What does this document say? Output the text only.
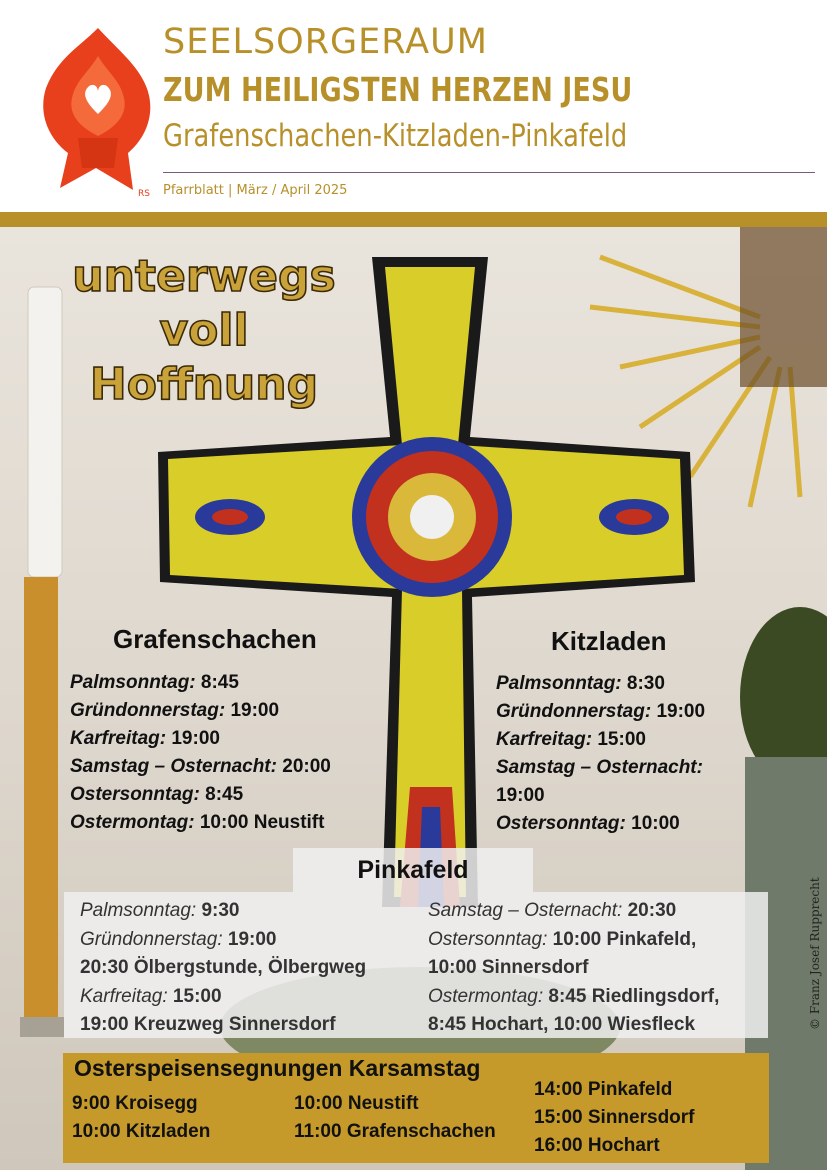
RS
SEELSORGERAUM
ZUM HEILIGSTEN HERZEN JESU
Grafenschachen-Kitzladen-Pinkafeld
Pfarrblatt | März / April 2025
© Franz Josef Rupprecht
unterwegs
voll
Hoffnung
Grafenschachen
Palmsonntag: 8:45
Gründonnerstag: 19:00
Karfreitag: 19:00
Samstag – Osternacht: 20:00
Ostersonntag: 8:45
Ostermontag: 10:00 Neustift
Kitzladen
Palmsonntag: 8:30
Gründonnerstag: 19:00
Karfreitag: 15:00
Samstag – Osternacht:
19:00
Ostersonntag: 10:00
Pinkafeld
Palmsonntag: 9:30
Gründonnerstag: 19:00
20:30 Ölbergstunde, Ölbergweg
Karfreitag: 15:00
19:00 Kreuzweg Sinnersdorf
Samstag – Osternacht: 20:30
Ostersonntag: 10:00 Pinkafeld,
10:00 Sinnersdorf
Ostermontag: 8:45 Riedlingsdorf,
8:45 Hochart, 10:00 Wiesfleck
Osterspeisensegnungen Karsamstag
9:00 Kroisegg
10:00 Kitzladen
10:00 Neustift
11:00 Grafenschachen
14:00 Pinkafeld
15:00 Sinnersdorf
16:00 Hochart
